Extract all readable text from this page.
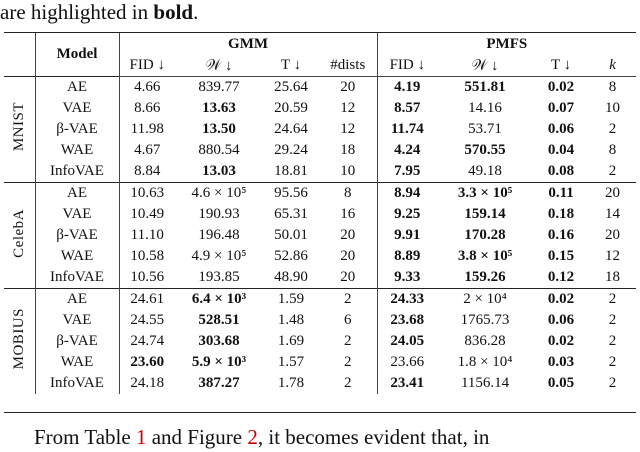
are highlighted in bold.
	Model	GMM				PMFS			
		FID ↓	𝒲 ↓	T ↓	#dists	FID ↓	𝒲 ↓	T ↓	k
MNIST	AE	4.66	839.77	25.64	20	4.19	551.81	0.02	8
	VAE	8.66	13.63	20.59	12	8.57	14.16	0.07	10
	β-VAE	11.98	13.50	24.64	12	11.74	53.71	0.06	2
	WAE	4.67	880.54	29.24	18	4.24	570.55	0.04	8
	InfoVAE	8.84	13.03	18.81	10	7.95	49.18	0.08	2
CelebA	AE	10.63	4.6 × 10⁵	95.56	8	8.94	3.3 × 10⁵	0.11	20
	VAE	10.49	190.93	65.31	16	9.25	159.14	0.18	14
	β-VAE	11.10	196.48	50.01	20	9.91	170.28	0.16	20
	WAE	10.58	4.9 × 10⁵	52.86	20	8.89	3.8 × 10⁵	0.15	12
	InfoVAE	10.56	193.85	48.90	20	9.33	159.26	0.12	18
MOBIUS	AE	24.61	6.4 × 10³	1.59	2	24.33	2 × 10⁴	0.02	2
	VAE	24.55	528.51	1.48	6	23.68	1765.73	0.06	2
	β-VAE	24.74	303.68	1.69	2	24.05	836.28	0.02	2
	WAE	23.60	5.9 × 10³	1.57	2	23.66	1.8 × 10⁴	0.03	2
	InfoVAE	24.18	387.27	1.78	2	23.41	1156.14	0.05	2
From Table 1 and Figure 2, it becomes evident that, in
